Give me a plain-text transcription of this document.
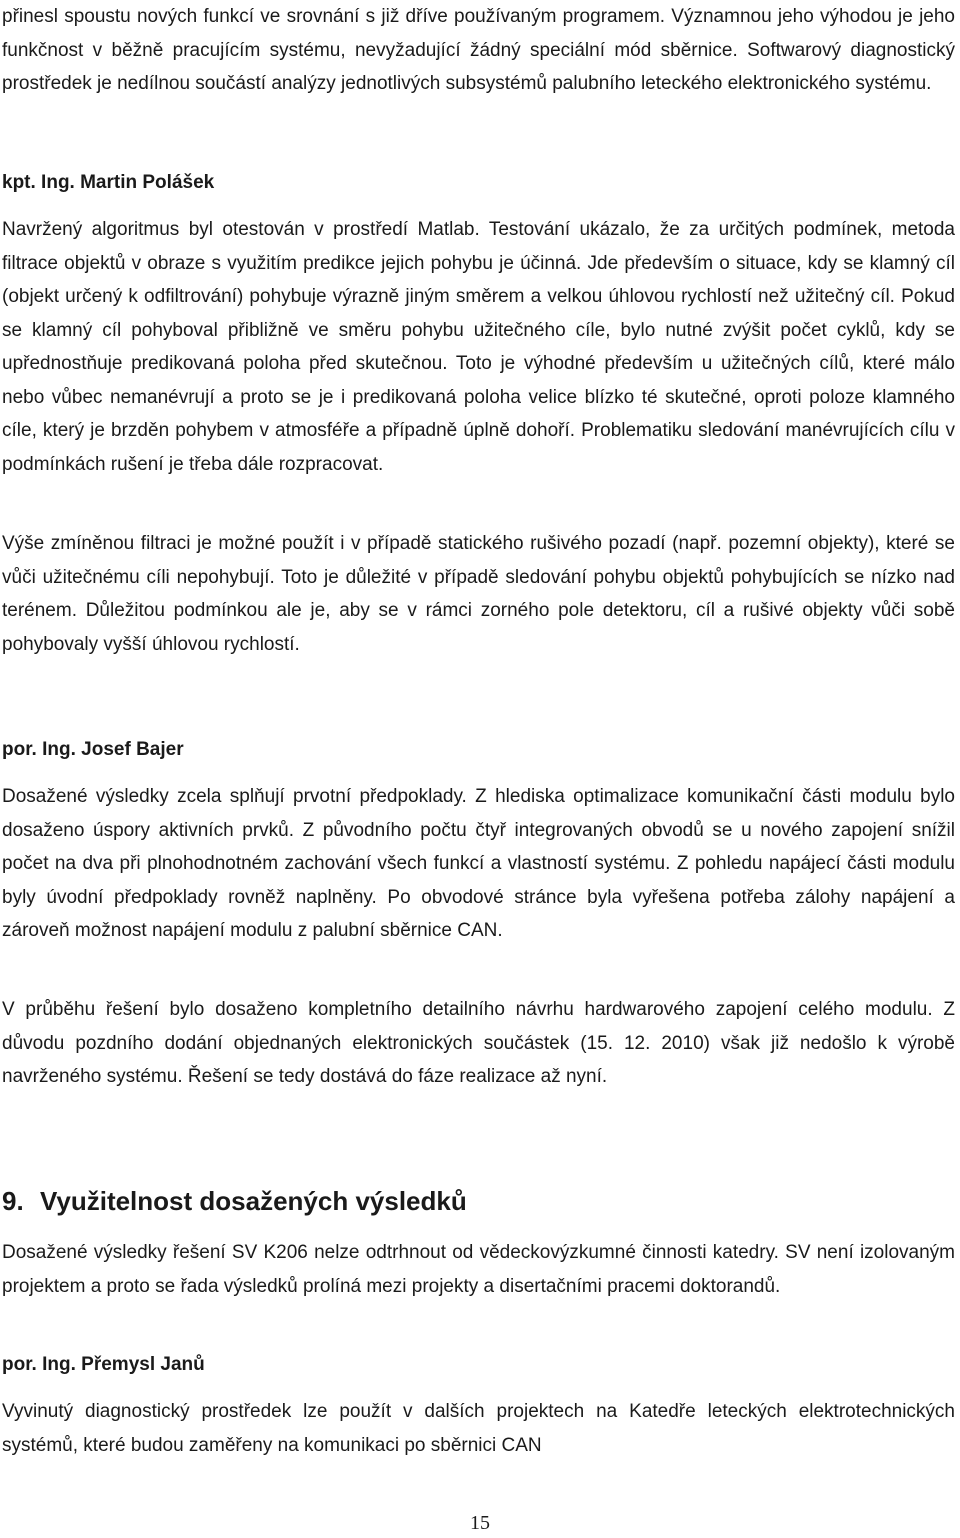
přinesl spoustu nových funkcí ve srovnání s již dříve používaným programem. Významnou jeho výhodou je jeho funkčnost v běžně pracujícím systému, nevyžadující žádný speciální mód sběrnice. Softwarový diagnostický prostředek je nedílnou součástí analýzy jednotlivých subsystémů palubního leteckého elektronického systému.

kpt. Ing. Martin Polášek

Navržený algoritmus byl otestován v prostředí Matlab. Testování ukázalo, že za určitých podmínek, metoda filtrace objektů v obraze s využitím predikce jejich pohybu je účinná. Jde především o situace, kdy se klamný cíl (objekt určený k odfiltrování) pohybuje výrazně jiným směrem a velkou úhlovou rychlostí než užitečný cíl. Pokud se klamný cíl pohyboval přibližně ve směru pohybu užitečného cíle, bylo nutné zvýšit počet cyklů, kdy se upřednostňuje predikovaná poloha před skutečnou. Toto je výhodné především u užitečných cílů, které málo nebo vůbec nemanévrují a proto se je i predikovaná poloha velice blízko té skutečné, oproti poloze klamného cíle, který je brzděn pohybem v atmosféře a případně úplně dohoří. Problematiku sledování manévrujících cílu v podmínkách rušení je třeba dále rozpracovat.

Výše zmíněnou filtraci je možné použít i v případě statického rušivého pozadí (např. pozemní objekty), které se vůči užitečnému cíli nepohybují. Toto je důležité v případě sledování pohybu objektů pohybujících se nízko nad terénem. Důležitou podmínkou ale je, aby se v rámci zorného pole detektoru, cíl a rušivé objekty vůči sobě pohybovaly vyšší úhlovou rychlostí.

por. Ing. Josef Bajer

Dosažené výsledky zcela splňují prvotní předpoklady. Z hlediska optimalizace komunikační části modulu bylo dosaženo úspory aktivních prvků. Z původního počtu čtyř integrovaných obvodů se u nového zapojení snížil počet na dva při plnohodnotném zachování všech funkcí a vlastností systému. Z pohledu napájecí části modulu byly úvodní předpoklady rovněž naplněny. Po obvodové stránce byla vyřešena potřeba zálohy napájení a zároveň možnost napájení modulu z palubní sběrnice CAN.

V průběhu řešení bylo dosaženo kompletního detailního návrhu hardwarového zapojení celého modulu. Z důvodu pozdního dodání objednaných elektronických součástek (15. 12. 2010) však již nedošlo k výrobě navrženého systému. Řešení se tedy dostává do fáze realizace až nyní.

9. Využitelnost dosažených výsledků

Dosažené výsledky řešení SV K206 nelze odtrhnout od vědeckovýzkumné činnosti katedry. SV není izolovaným projektem a proto se řada výsledků prolíná mezi projekty a disertačními pracemi doktorandů.

por. Ing. Přemysl Janů

Vyvinutý diagnostický prostředek lze použít v dalších projektech na Katedře leteckých elektrotechnických systémů, které budou zaměřeny na komunikaci po sběrnici CAN

15
